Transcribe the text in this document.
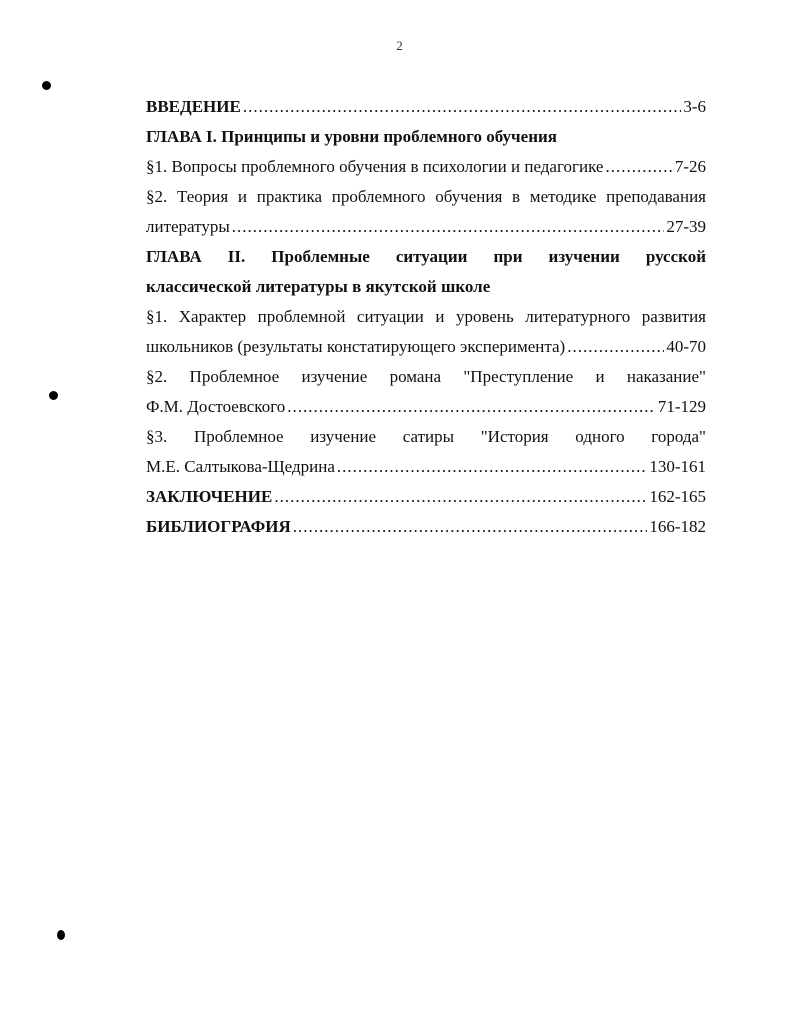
2
ВВЕДЕНИЕ .....	3-6
ГЛАВА I. Принципы и уровни проблемного обучения
§1. Вопросы проблемного обучения в психологии и педагогике .....	7-26
§2. Теория и практика проблемного обучения в методике преподавания
литературы .....	27-39
ГЛАВА II. Проблемные ситуации при изучении русской
классической литературы в якутской школе
§1. Характер проблемной ситуации и уровень литературного развития
школьников (результаты констатирующего эксперимента) .....	40-70
§2. Проблемное изучение романа "Преступление и наказание"
Ф.М. Достоевского .....	71-129
§3. Проблемное изучение сатиры "История одного города"
М.Е. Салтыкова-Щедрина .....	130-161
ЗАКЛЮЧЕНИЕ .....	162-165
БИБЛИОГРАФИЯ .....	166-182
